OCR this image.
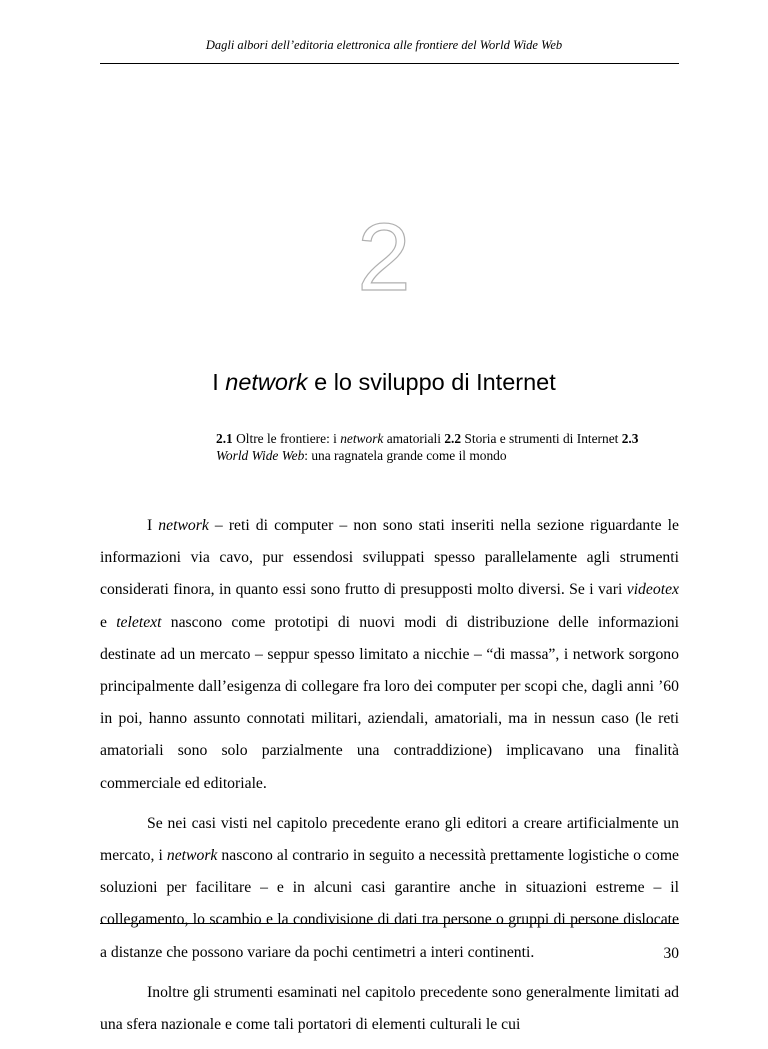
Dagli albori dell’editoria elettronica alle frontiere del World Wide Web
2
I network e lo sviluppo di Internet
2.1 Oltre le frontiere: i network amatoriali 2.2 Storia e strumenti di Internet 2.3 World Wide Web: una ragnatela grande come il mondo

I network – reti di computer – non sono stati inseriti nella sezione riguardante le informazioni via cavo, pur essendosi sviluppati spesso parallelamente agli strumenti considerati finora, in quanto essi sono frutto di presupposti molto diversi. Se i vari videotex e teletext nascono come prototipi di nuovi modi di distribuzione delle informazioni destinate ad un mercato – seppur spesso limitato a nicchie – “di massa”, i network sorgono principalmente dall’esigenza di collegare fra loro dei computer per scopi che, dagli anni ’60 in poi, hanno assunto connotati militari, aziendali, amatoriali, ma in nessun caso (le reti amatoriali sono solo parzialmente una contraddizione) implicavano una finalità commerciale ed editoriale.

Se nei casi visti nel capitolo precedente erano gli editori a creare artificialmente un mercato, i network nascono al contrario in seguito a necessità prettamente logistiche o come soluzioni per facilitare – e in alcuni casi garantire anche in situazioni estreme – il collegamento, lo scambio e la condivisione di dati tra persone o gruppi di persone dislocate a distanze che possono variare da pochi centimetri a interi continenti.

Inoltre gli strumenti esaminati nel capitolo precedente sono generalmente limitati ad una sfera nazionale e come tali portatori di elementi culturali le cui

30
